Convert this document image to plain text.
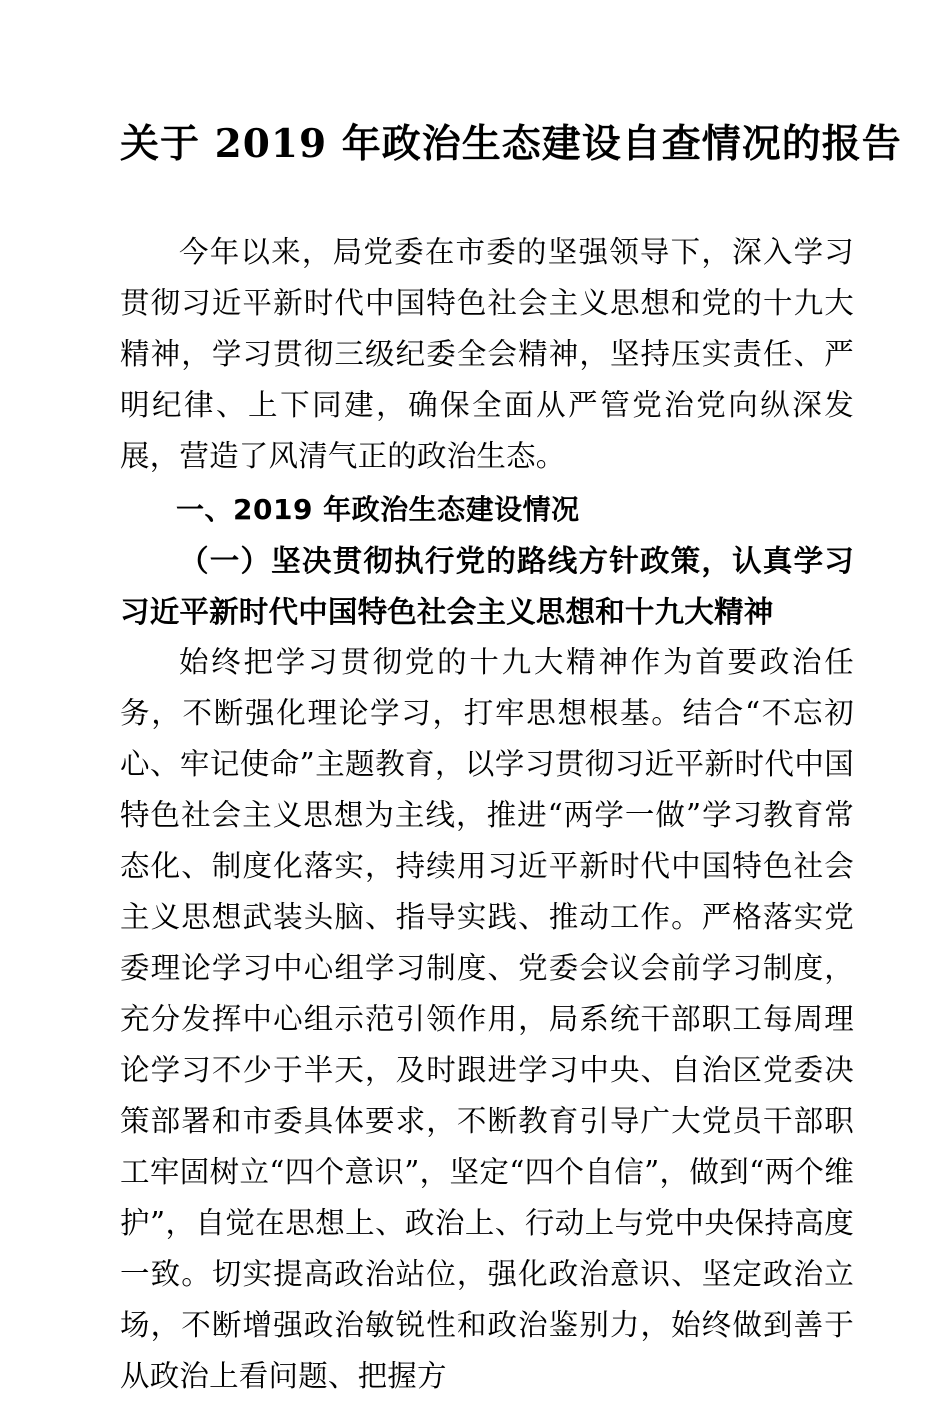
关于 2019 年政治生态建设自查情况的报告

今年以来，局党委在市委的坚强领导下，深入学习贯彻习近平新时代中国特色社会主义思想和党的十九大精神，学习贯彻三级纪委全会精神，坚持压实责任、严明纪律、上下同建，确保全面从严管党治党向纵深发展，营造了风清气正的政治生态。

一、2019 年政治生态建设情况
（一）坚决贯彻执行党的路线方针政策，认真学习习近平新时代中国特色社会主义思想和十九大精神

始终把学习贯彻党的十九大精神作为首要政治任务，不断强化理论学习，打牢思想根基。结合“不忘初心、牢记使命”主题教育，以学习贯彻习近平新时代中国特色社会主义思想为主线，推进“两学一做”学习教育常态化、制度化落实，持续用习近平新时代中国特色社会主义思想武装头脑、指导实践、推动工作。严格落实党委理论学习中心组学习制度、党委会议会前学习制度，充分发挥中心组示范引领作用，局系统干部职工每周理论学习不少于半天，及时跟进学习中央、自治区党委决策部署和市委具体要求，不断教育引导广大党员干部职工牢固树立“四个意识”，坚定“四个自信”，做到“两个维护”，自觉在思想上、政治上、行动上与党中央保持高度一致。切实提高政治站位，强化政治意识、坚定政治立场，不断增强政治敏锐性和政治鉴别力，始终做到善于从政治上看问题、把握方
